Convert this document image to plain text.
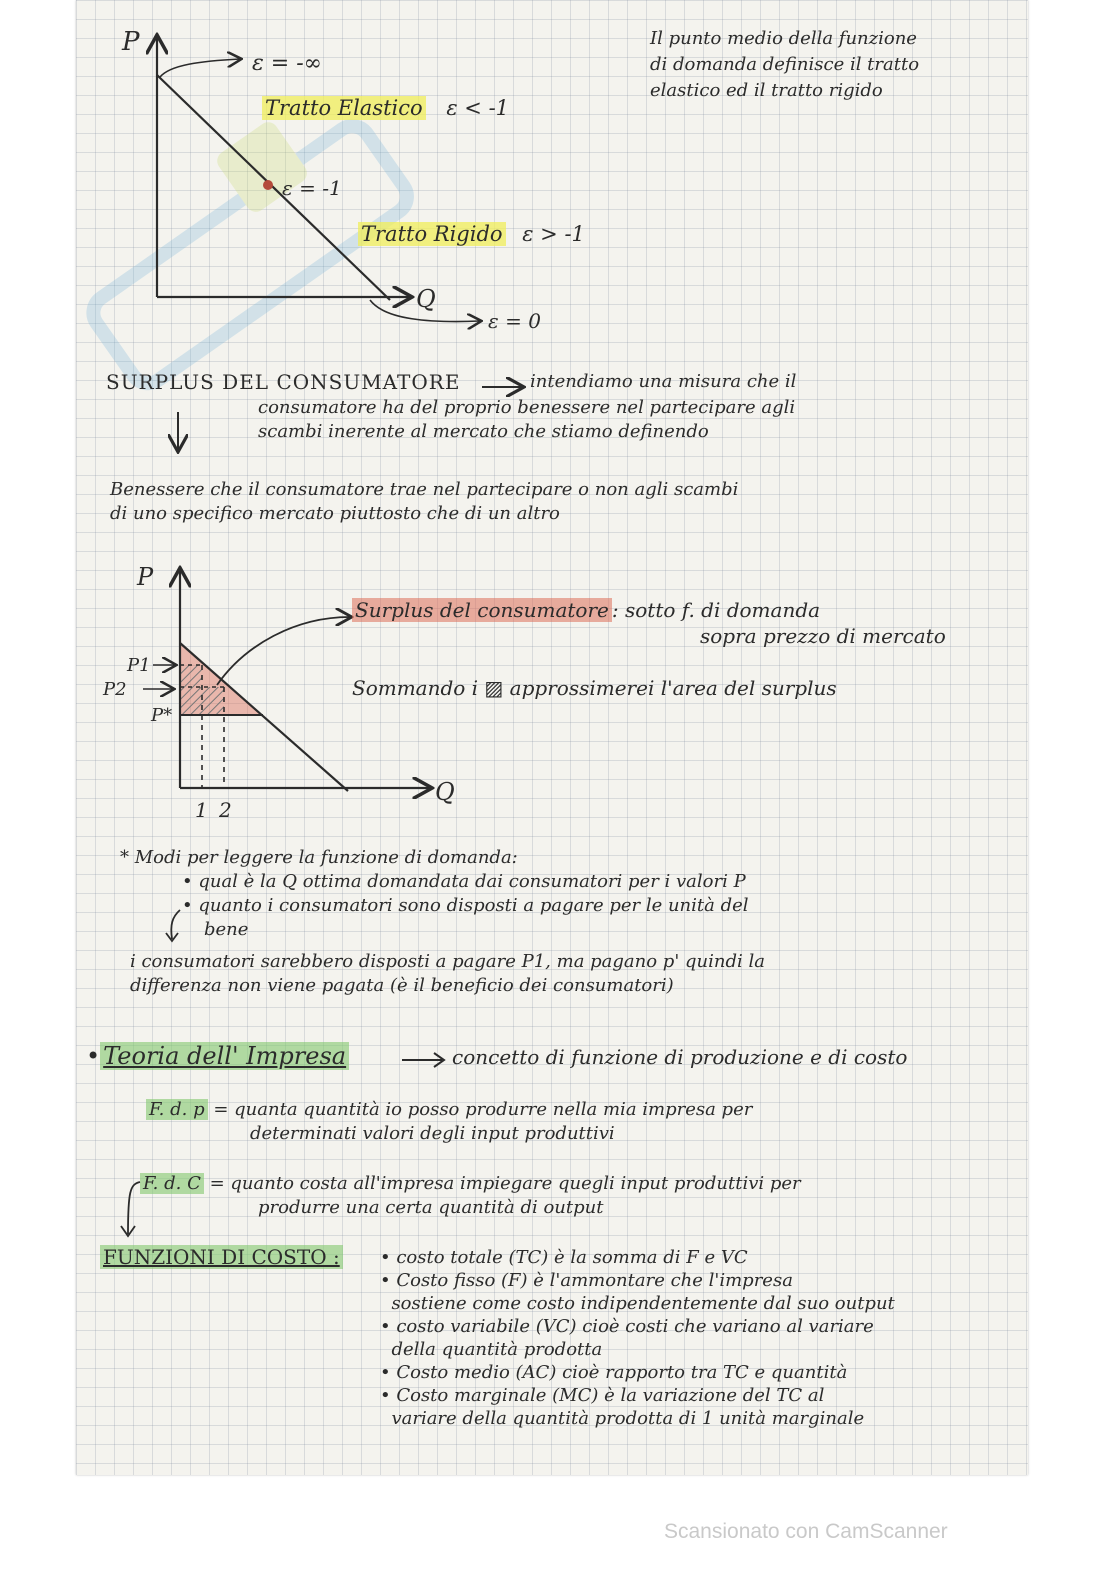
P
Q
ε = -∞
ε = -1
ε = 0
Tratto Elastico ε < -1
Tratto Rigido ε > -1
Il punto medio della funzione
di domanda definisce il tratto
elastico ed il tratto rigido
SURPLUS DEL CONSUMATORE	intendiamo una misura che il
consumatore ha del proprio benessere nel partecipare agli
scambi inerente al mercato che stiamo definendo
Benessere che il consumatore trae nel partecipare o non agli scambi
di uno specifico mercato piuttosto che di un altro
P
Q
P1
P2
P*
1 2
Surplus del consumatore : sotto f. di domanda
sopra prezzo di mercato
Sommando i ▨ approssimerei l'area del surplus
* Modi per leggere la funzione di domanda:
• qual è la Q ottima domandata dai consumatori per i valori P
• quanto i consumatori sono disposti a pagare per le unità del
bene
i consumatori sarebbero disposti a pagare P1, ma pagano p' quindi la
differenza non viene pagata (è il beneficio dei consumatori)
• Teoria dell' Impresa	concetto di funzione di produzione e di costo
F. d. p = quanta quantità io posso produrre nella mia impresa per
determinati valori degli input produttivi
F. d. C = quanto costa all'impresa impiegare quegli input produttivi per
produrre una certa quantità di output
FUNZIONI DI COSTO : • costo totale (TC) è la somma di F e VC
• Costo fisso (F) è l'ammontare che l'impresa
sostiene come costo indipendentemente dal suo output
• costo variabile (VC) cioè costi che variano al variare
della quantità prodotta
• Costo medio (AC) cioè rapporto tra TC e quantità
• Costo marginale (MC) è la variazione del TC al
variare della quantità prodotta di 1 unità marginale
Scansionato con CamScanner
